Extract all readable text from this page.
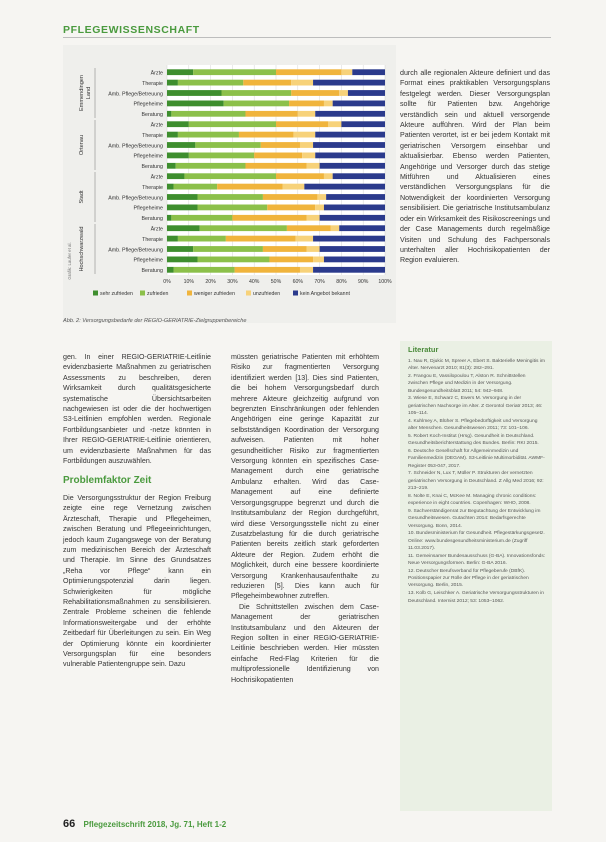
PFLEGEWISSENSCHAFT
Ärzte
Therapie
Amb. Pflege/Betreuung
Pflegeheime
Beratung
Ärzte
Therapie
Amb. Pflege/Betreuung
Pflegeheime
Beratung
Ärzte
Therapie
Amb. Pflege/Betreuung
Pflegeheime
Beratung
Ärzte
Therapie
Amb. Pflege/Betreuung
Pflegeheime
Beratung
Emmendingen Land
Ortenau
Stadt
Hochschwarzwald
0% 10% 20% 30% 40% 50% 60% 70% 80% 90% 100%
sehr zufrieden	zufrieden	weniger zufrieden	unzufrieden	kein Angebot bekannt
Grafik: Laufer et al.
Abb. 2: Versorgungsbedarfe der REGIO-GERIATRIE-Zielgruppenbereiche

durch alle regionalen Akteure definiert und das Format eines praktikablen Versorgungsplans festgelegt werden. Dieser Versorgungsplan sollte für Patienten bzw. Angehörige verständlich sein und aktuell versorgende Akteure aufführen. Wird der Plan beim Patienten verortet, ist er bei jedem Kontakt mit geriatrischen Versorgern einsehbar und aktualisierbar. Ebenso werden Patienten, Angehörige und Versorger durch das stetige Mitführen und Aktualisieren eines verständlichen Versorgungsplans für die Notwendigkeit der koordinierten Versorgung sensibilisiert. Die geriatrische Institutsambulanz oder ein Wirksamkeit des Risikoscreenings und der Case Managements durch regelmäßige Visiten und Schulung des Fachpersonals unterhalten aller Hochrisikopatienten der Region evaluieren.

gen. In einer REGIO-GERIATRIE-Leitlinie evidenzbasierte Maßnahmen zu geriatrischen Assessments zu beschreiben, deren Wirksamkeit durch qualitätsgesicherte systematische Übersichtsarbeiten nachgewiesen ist oder die der hochwertigen S3-Leitlinien empfohlen werden. Regionale Fortbildungsanbieter und -netze könnten in Ihrer REGIO-GERIATRIE-Leitlinie orientieren, um evidenzbasierte Maßnahmen für das Fortbildungen auszuwählen.

Problemfaktor Zeit

Die Versorgungsstruktur der Region Freiburg zeigte eine rege Vernetzung zwischen Ärzteschaft, Therapie und Pflegeheimen, zwischen Beratung und Pflegeeinrichtungen, jedoch kaum Zugangswege von der Beratung zum medizinischen Bereich der Ärzteschaft und Therapie. Im Sinne des Grundsatzes „Reha vor Pflege“ kann ein Optimierungspotenzial darin liegen. Schwierigkeiten für mögliche Rehabilitationsmaßnahmen zu sensibilisieren. Zentrale Probleme scheinen die fehlende Informationsweitergabe und der erhöhte Zeitbedarf für Überleitungen zu sein. Ein Weg der Optimierung könnte ein koordinierter Versorgungsplan für eine besonders vulnerable Patientengruppe sein. Dazu

müssten geriatrische Patienten mit erhöhtem Risiko zur fragmentierten Versorgung identifiziert werden [13]. Dies sind Patienten, die bei hohem Versorgungsbedarf durch mehrere Akteure gleichzeitig aufgrund von begrenzten Einschränkungen oder fehlenden Angehörigen eine geringe Kapazität zur selbstständigen Koordination der Versorgung aufweisen. Patienten mit hoher gesundheitlicher Risiko zur fragmentierten Versorgung könnten ein spezifisches Case-Management durch eine geriatrische Ambulanz erhalten. Wird das Case-Management auf eine definierte Versorgungsgruppe begrenzt und durch die Institutsambulanz der Region durchgeführt, wird diese Versorgungsstelle nicht zu einer Zusatzbelastung für die durch geriatrische Patienten bereits zeitlich stark geforderten Akteure der Region. Zudem erhöht die Möglichkeit, durch eine bessere koordinierte Versorgung Krankenhausaufenthalte zu reduzieren [5]. Dies kann auch für Pflegeheimbewohner zutreffen.

Die Schnittstellen zwischen dem Case-Management der geriatrischen Institutsambulanz und den Akteuren der Region sollten in einer REGIO-GERIATRIE-Leitlinie beschrieben werden. Hier müssten einfache Red-Flag Kriterien für die multiprofessionelle Identifizierung von Hochrisikopatienten

Literatur

1. Nau R, Djukic M, Spreer A, Ebert S. Bakterielle Meningitis im Alter. Nervenarzt 2010; 81(3): 282–291.

2. Frangou E, Vassilopoulou T, Alston R. Schnittstellen zwischen Pflege und Medizin in der Versorgung. Bundesgesundheitsblatt 2011; 54: 942–948.

3. Wiese E, Schwarz C, Ewers M. Versorgung in der geriatrischen Nachsorge im Alter. Z Gerontol Geriatr 2013; 46: 105–114.

4. Kuhlmey A, Blüher S. Pflegebedürftigkeit und Versorgung alter Menschen. Gesundheitswesen 2011; 73: 101–106.

5. Robert Koch-Institut (Hrsg). Gesundheit in Deutschland. Gesundheitsberichterstattung des Bundes. Berlin: RKI 2015.

6. Deutsche Gesellschaft für Allgemeinmedizin und Familienmedizin (DEGAM). S3-Leitlinie Multimorbidität. AWMF-Register 053-047, 2017.

7. Schneider N, Lux T, Müller P. Strukturen der vernetzten geriatrischen Versorgung in Deutschland. Z Allg Med 2016; 92: 213–219.

8. Nolte E, Knai C, McKee M. Managing chronic conditions: experience in eight countries. Copenhagen: WHO, 2008.

9. Sachverständigenrat zur Begutachtung der Entwicklung im Gesundheitswesen. Gutachten 2014: Bedarfsgerechte Versorgung. Bonn, 2014.

10. Bundesministerium für Gesundheit. Pflegestärkungsgesetz. Online: www.bundesgesundheitsministerium.de (Zugriff 11.03.2017).

11. Gemeinsamer Bundesausschuss (G-BA). Innovationsfonds: Neue Versorgungsformen. Berlin: G-BA 2016.

12. Deutscher Berufsverband für Pflegeberufe (DBfK). Positionspapier zur Rolle der Pflege in der geriatrischen Versorgung. Berlin, 2015.

13. Kolb G, Leischker A. Geriatrische Versorgungsstrukturen in Deutschland. Internist 2012; 53: 1053–1062.

66 Pflegezeitschrift 2018, Jg. 71, Heft 1-2
